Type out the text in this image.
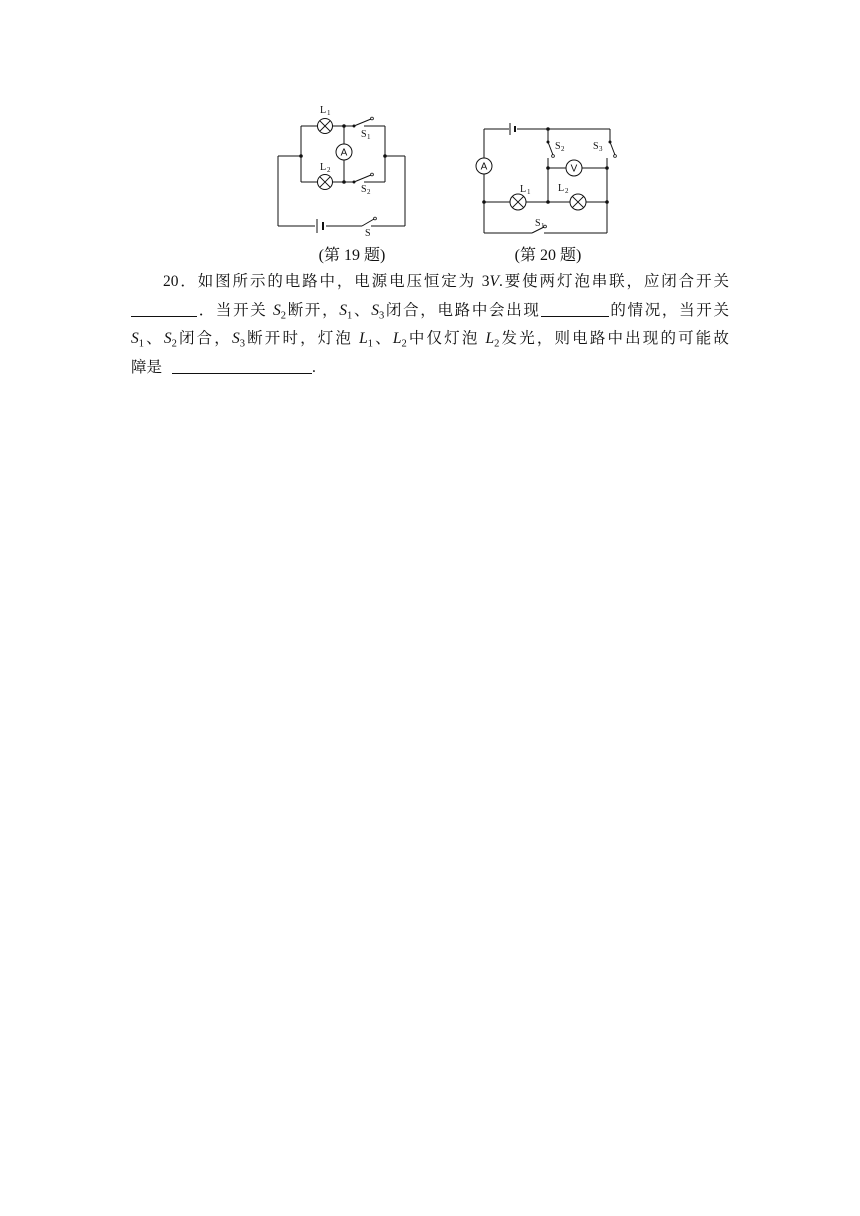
A
L 1
L 2
S 1
S 2
S
(第 19 题)
A	V
S 2	S 3
L 1	L 2
S 1
(第 20 题)
20．如图所示的电路中，电源电压恒定为 3V.要使两灯泡串联，应闭合开关
．当开关 $S_2$断开，$S_1$、$S_3$闭合，电路中会出现	的情况，当开关
$S_1$、$S_2$闭合，$S_3$断开时，灯泡 $L_1$、$L_2$中仅灯泡 $L_2$发光，则电路中出现的可能故
障是	.
